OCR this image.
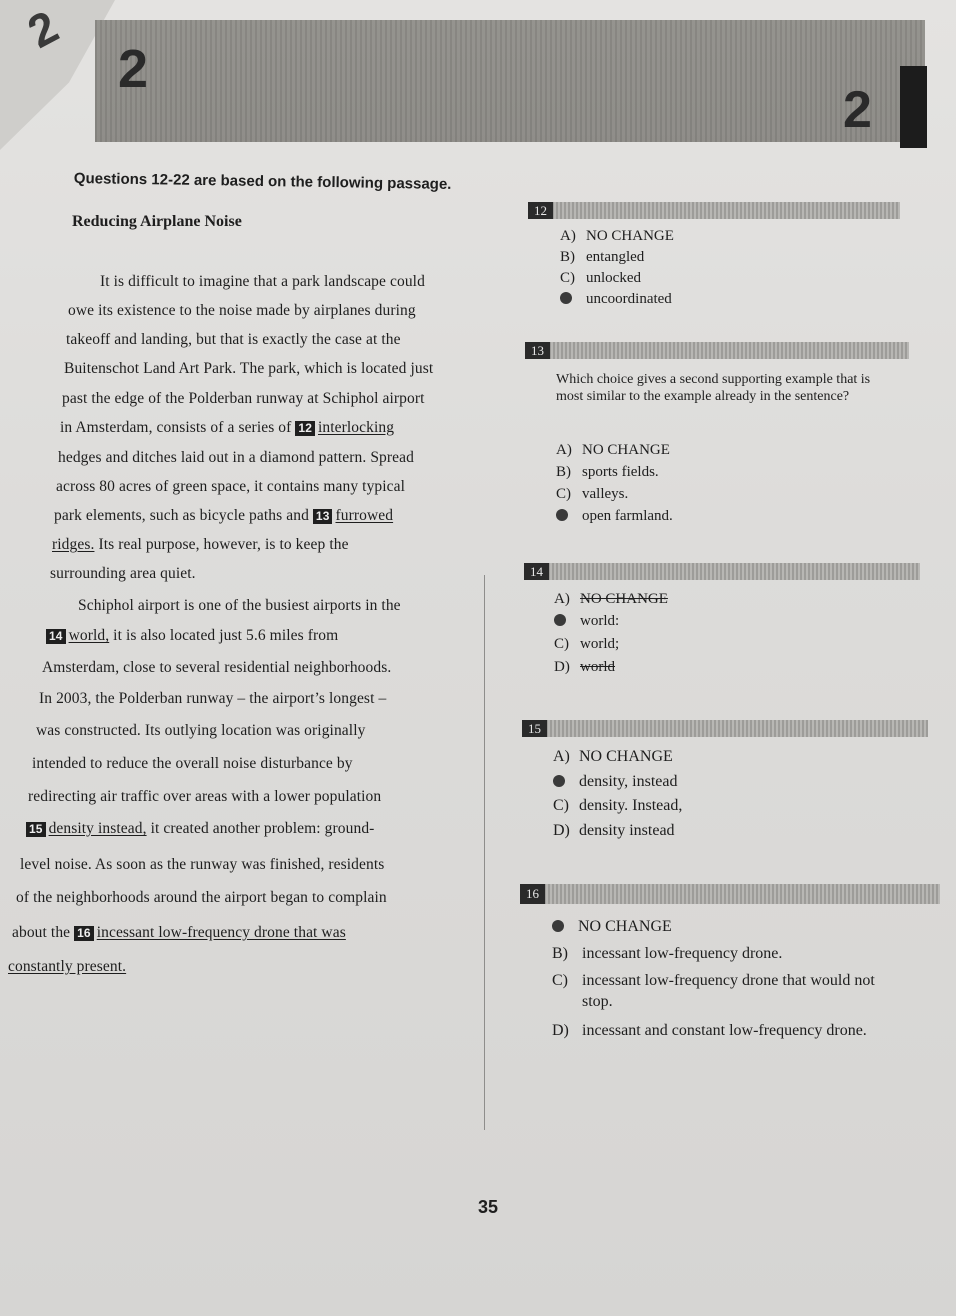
2
2
2
Questions 12-22 are based on the following passage.
Reducing Airplane Noise
It is difficult to imagine that a park landscape could
owe its existence to the noise made by airplanes during
takeoff and landing, but that is exactly the case at the
Buitenschot Land Art Park. The park, which is located just
past the edge of the Polderban runway at Schiphol airport
in Amsterdam, consists of a series of 12 interlocking
hedges and ditches laid out in a diamond pattern. Spread
across 80 acres of green space, it contains many typical
park elements, such as bicycle paths and 13 furrowed
ridges. Its real purpose, however, is to keep the
surrounding area quiet.
Schiphol airport is one of the busiest airports in the
14 world, it is also located just 5.6 miles from
Amsterdam, close to several residential neighborhoods.
In 2003, the Polderban runway – the airport’s longest –
was constructed. Its outlying location was originally
intended to reduce the overall noise disturbance by
redirecting air traffic over areas with a lower population
15 density instead, it created another problem: ground-
level noise. As soon as the runway was finished, residents
of the neighborhoods around the airport began to complain
about the 16 incessant low-frequency drone that was
constantly present.
12
A) NO CHANGE
B) entangled
C) unlocked
uncoordinated
13
Which choice gives a second supporting example that is most similar to the example already in the sentence?
A) NO CHANGE
B) sports fields.
C) valleys.
open farmland.
14
A) NO CHANGE
world:
C) world;
D) world
15
A) NO CHANGE
density, instead
C) density. Instead,
D) density instead
16
NO CHANGE
B) incessant low-frequency drone.
C) incessant low-frequency drone that would not
stop.
D) incessant and constant low-frequency drone.
35
